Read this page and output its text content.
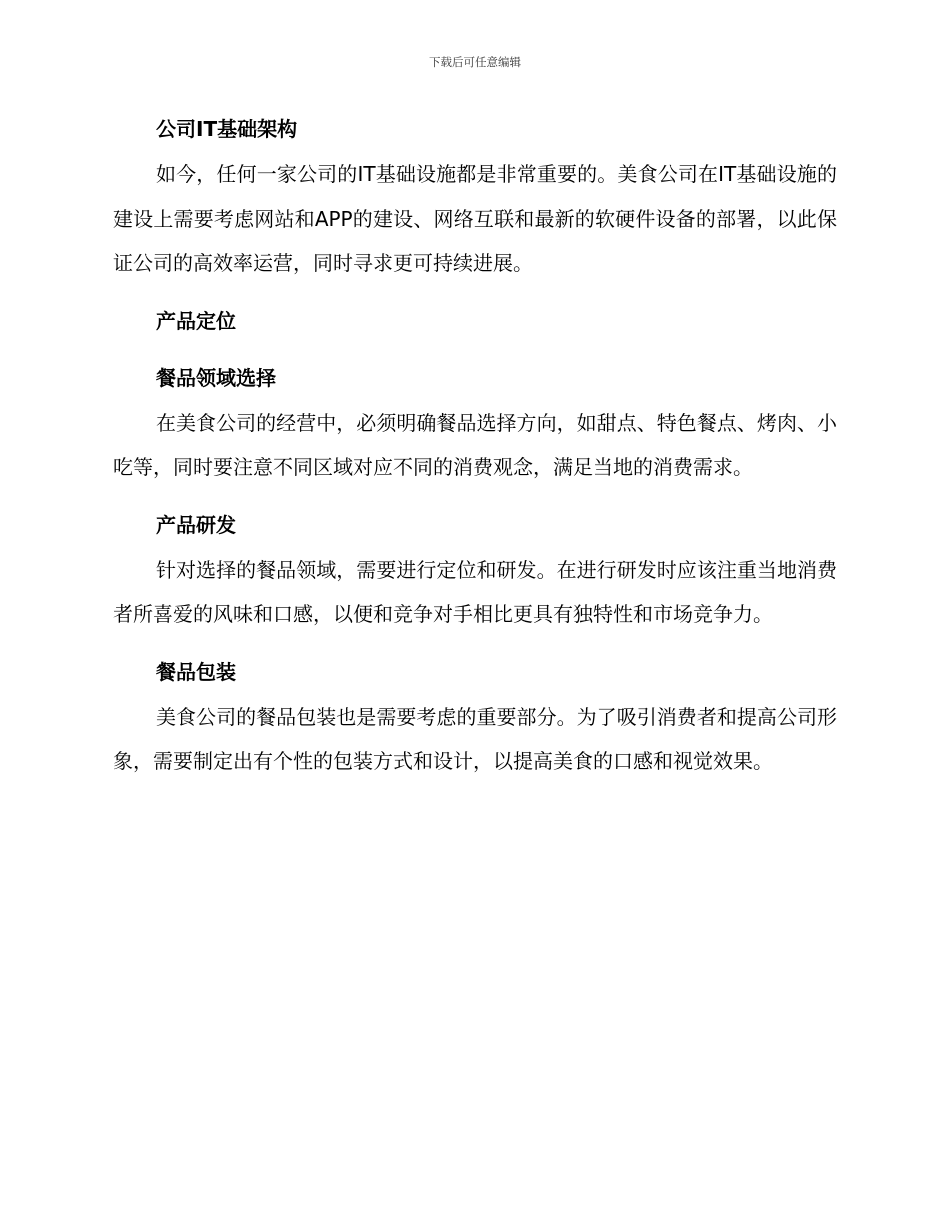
下载后可任意编辑
公司IT基础架构

如今，任何一家公司的IT基础设施都是非常重要的。美食公司在IT基础设施的建设上需要考虑网站和APP的建设、网络互联和最新的软硬件设备的部署，以此保证公司的高效率运营，同时寻求更可持续进展。

产品定位
餐品领域选择

在美食公司的经营中，必须明确餐品选择方向，如甜点、特色餐点、烤肉、小吃等，同时要注意不同区域对应不同的消费观念，满足当地的消费需求。

产品研发

针对选择的餐品领域，需要进行定位和研发。在进行研发时应该注重当地消费者所喜爱的风味和口感，以便和竞争对手相比更具有独特性和市场竞争力。

餐品包装

美食公司的餐品包装也是需要考虑的重要部分。为了吸引消费者和提高公司形象，需要制定出有个性的包装方式和设计，以提高美食的口感和视觉效果。
